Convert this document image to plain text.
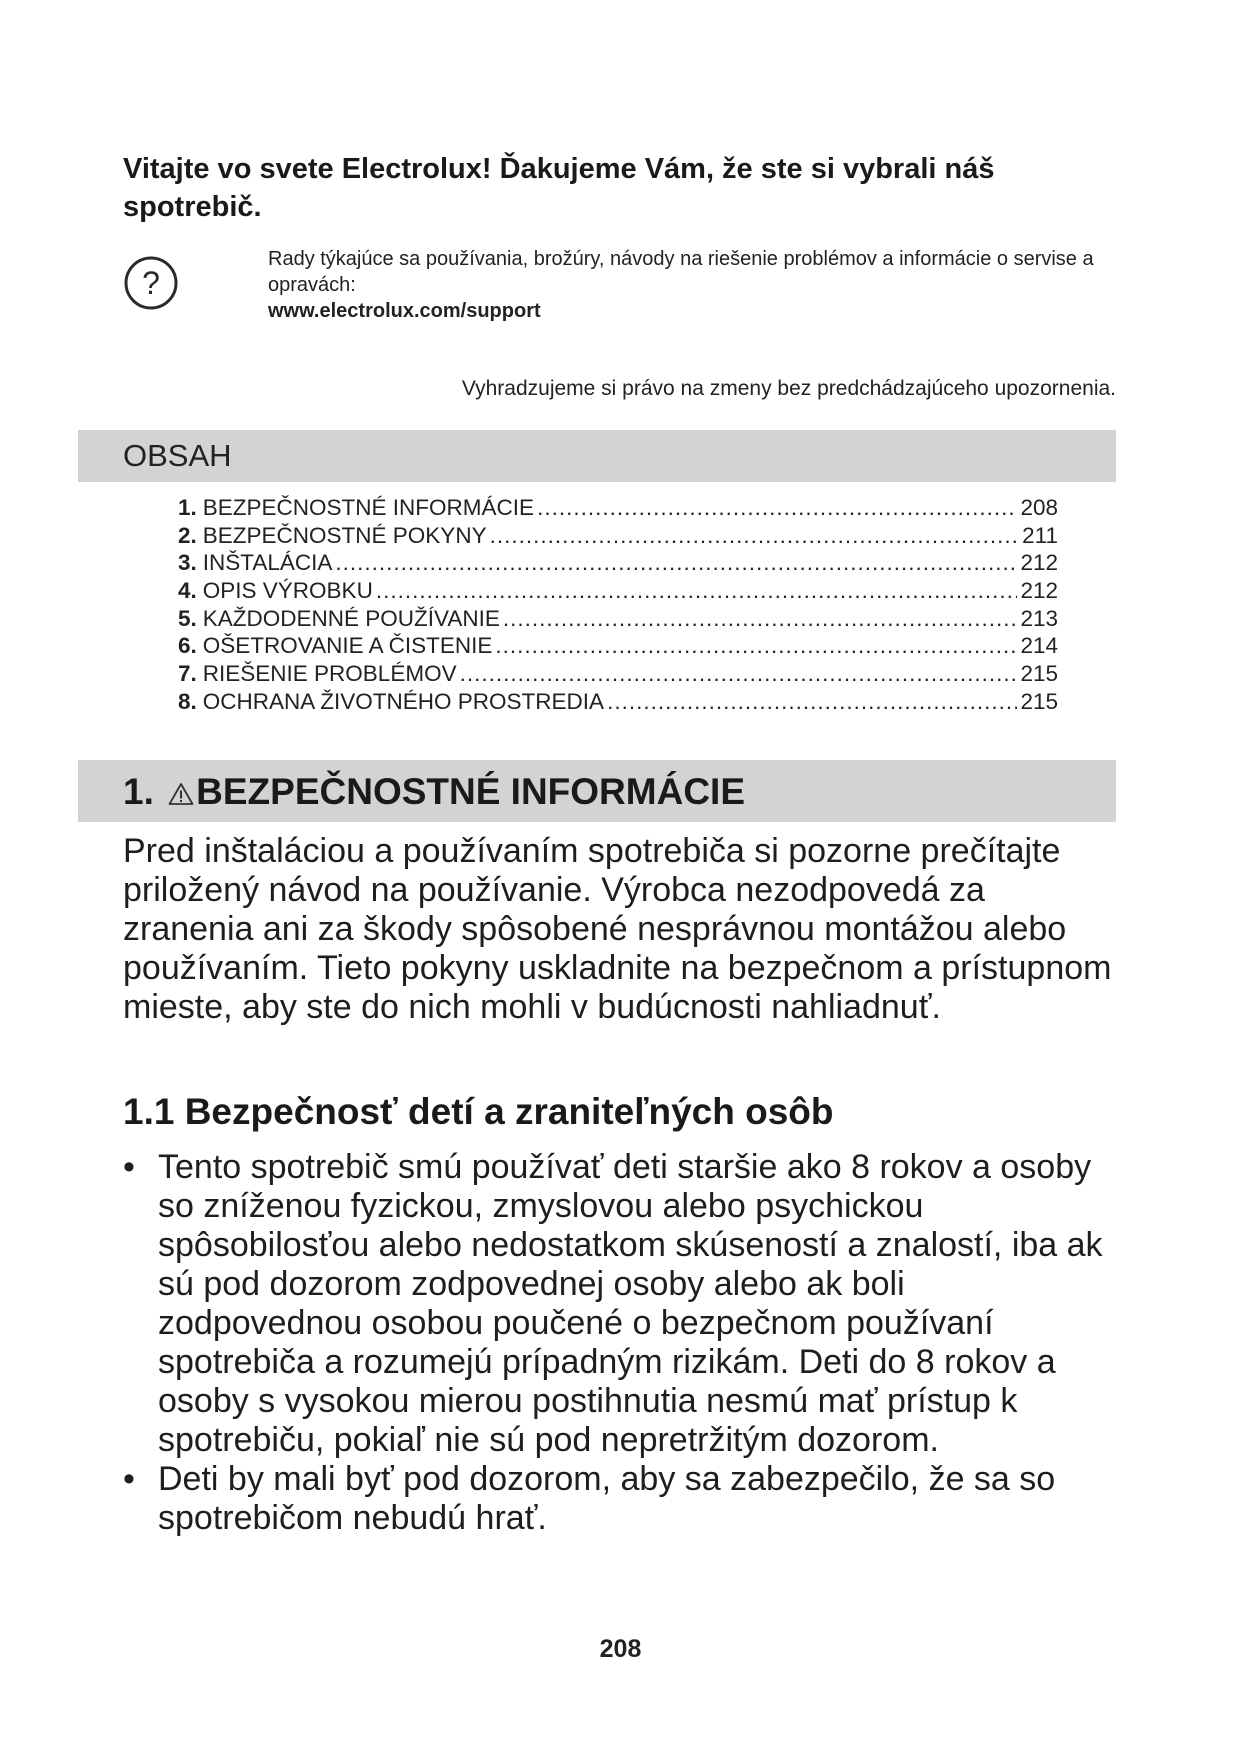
Vitajte vo svete Electrolux! Ďakujeme Vám, že ste si vybrali náš spotrebič.
?
Rady týkajúce sa používania, brožúry, návody na riešenie problémov a informácie o servise a opravách:
www.electrolux.com/support
Vyhradzujeme si právo na zmeny bez predchádzajúceho upozornenia.
OBSAH
1. BEZPEČNOSTNÉ INFORMÁCIE .....	208
2. BEZPEČNOSTNÉ POKYNY .....	211
3. INŠTALÁCIA .....	212
4. OPIS VÝROBKU .....	212
5. KAŽDODENNÉ POUŽÍVANIE .....	213
6. OŠETROVANIE A ČISTENIE .....	214
7. RIEŠENIE PROBLÉMOV .....	215
8. OCHRANA ŽIVOTNÉHO PROSTREDIA .....	215
1. BEZPEČNOSTNÉ INFORMÁCIE

Pred inštaláciou a používaním spotrebiča si pozorne prečítajte priložený návod na používanie. Výrobca nezodpovedá za zranenia ani za škody spôsobené nesprávnou montážou alebo používaním. Tieto pokyny uskladnite na bezpečnom a prístupnom mieste, aby ste do nich mohli v budúcnosti nahliadnuť.

1.1 Bezpečnosť detí a zraniteľných osôb
• Tento spotrebič smú používať deti staršie ako 8 rokov a osoby so zníženou fyzickou, zmyslovou alebo psychickou spôsobilosťou alebo nedostatkom skúseností a znalostí, iba ak sú pod dozorom zodpovednej osoby alebo ak boli zodpovednou osobou poučené o bezpečnom používaní spotrebiča a rozumejú prípadným rizikám. Deti do 8 rokov a osoby s vysokou mierou postihnutia nesmú mať prístup k spotrebiču, pokiaľ nie sú pod nepretržitým dozorom.
• Deti by mali byť pod dozorom, aby sa zabezpečilo, že sa so spotrebičom nebudú hrať.
208
